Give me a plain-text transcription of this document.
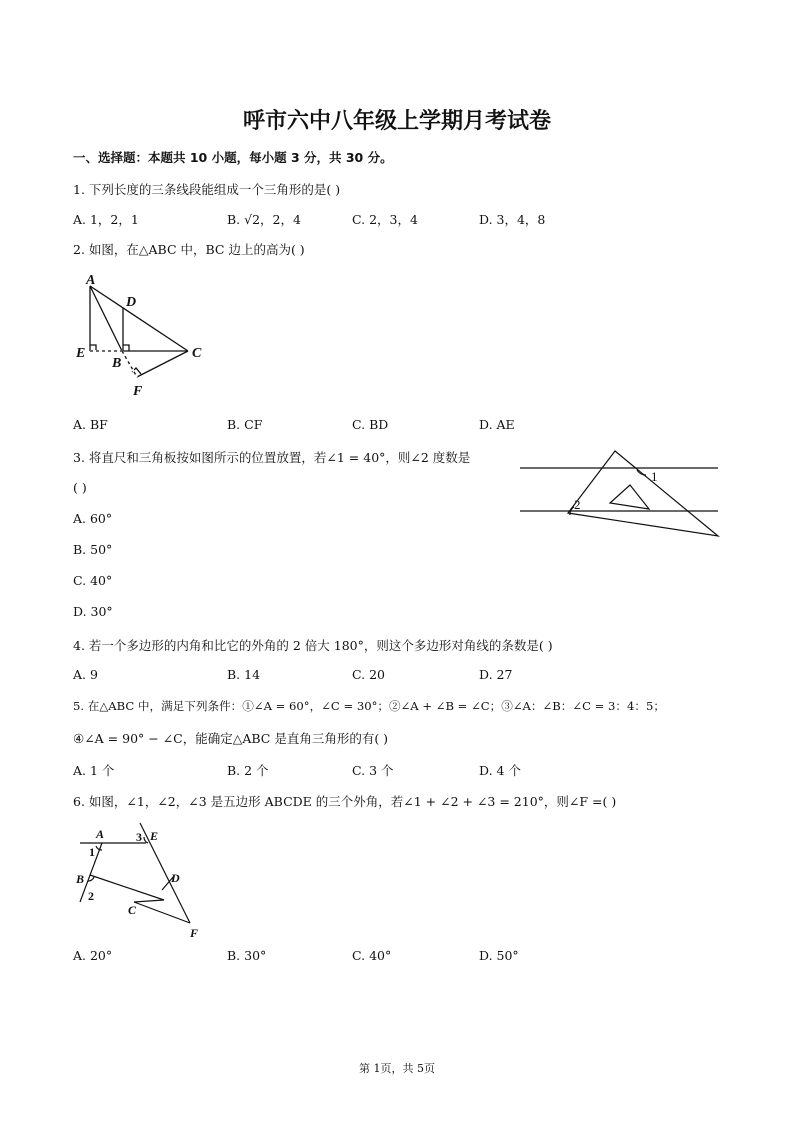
呼市六中八年级上学期月考试卷
一、选择题：本题共 10 小题，每小题 3 分，共 30 分。
1. 下列长度的三条线段能组成一个三角形的是( )
A. 1，2，1	B. √2，2，4	C. 2，3，4	D. 3，4，8
2. 如图，在△ABC 中，BC 边上的高为( )
A
D
E
B
C
F
A. BF	B. CF	C. BD	D. AE
3. 将直尺和三角板按如图所示的位置放置，若∠1 = 40°，则∠2 度数是
( )
1
2
A. 60°
B. 50°
C. 40°
D. 30°
4. 若一个多边形的内角和比它的外角的 2 倍大 180°，则这个多边形对角线的条数是( )
A. 9	B. 14	C. 20	D. 27
5. 在△ABC 中，满足下列条件：①∠A = 60°，∠C = 30°；②∠A + ∠B = ∠C；③∠A：∠B：∠C = 3：4：5；
④∠A = 90° − ∠C，能确定△ABC 是直角三角形的有( )
A. 1 个	B. 2 个	C. 3 个	D. 4 个
6. 如图，∠1，∠2，∠3 是五边形 ABCDE 的三个外角，若∠1 + ∠2 + ∠3 = 210°，则∠F =( )
A	E
1
3
B
2
D
C
F
A. 20°	B. 30°	C. 40°	D. 50°
第 1页，共 5页
